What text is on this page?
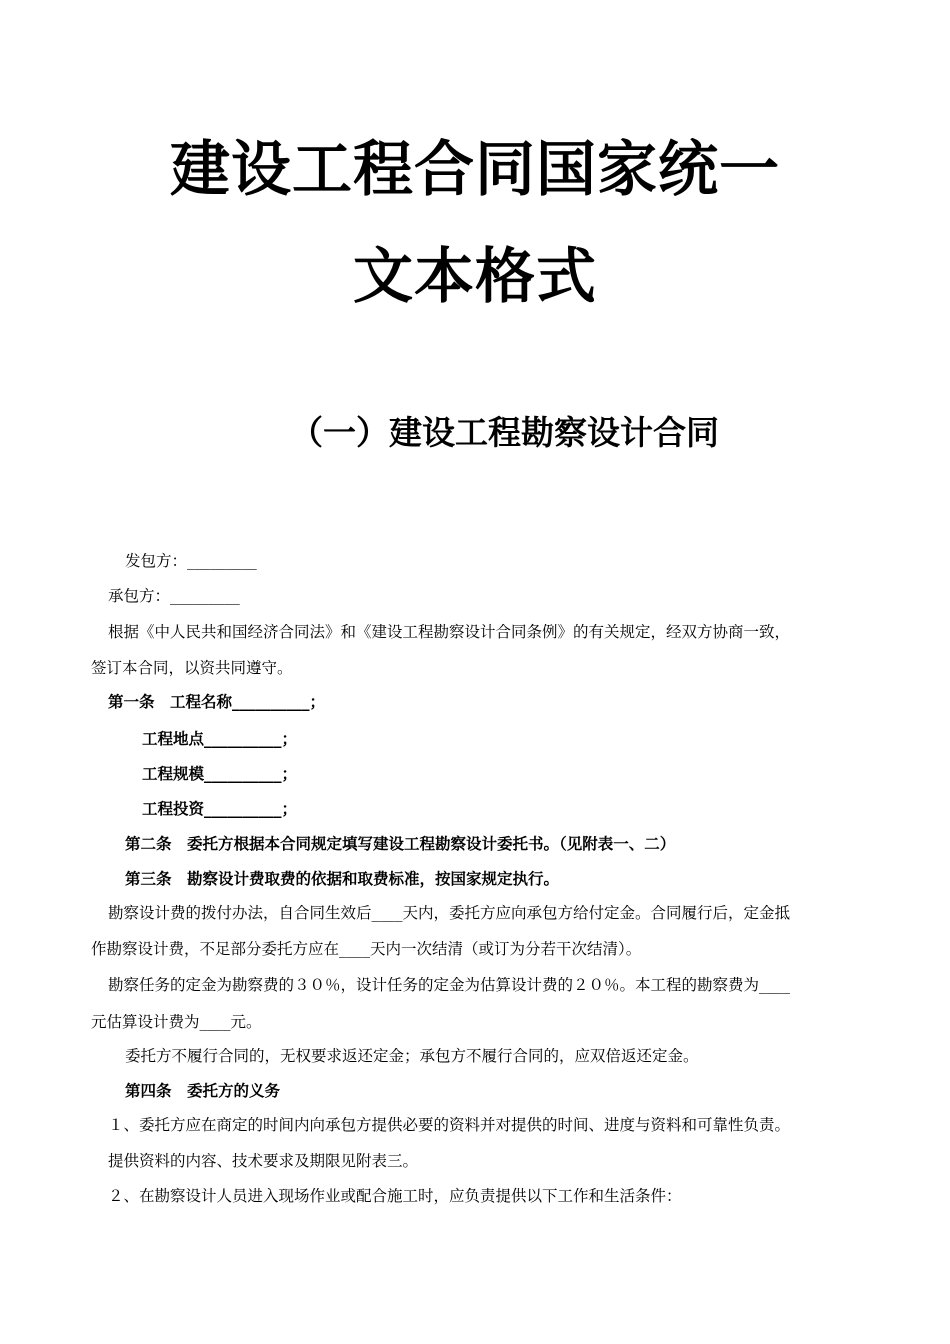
建设工程合同国家统一
文本格式
（一）建设工程勘察设计合同
发包方：_________
承包方：_________
根据《中人民共和国经济合同法》和《建设工程勘察设计合同条例》的有关规定，经双方协商一致，
签订本合同，以资共同遵守。
第一条　工程名称__________；
工程地点__________；
工程规模__________；
工程投资__________；
第二条　委托方根据本合同规定填写建设工程勘察设计委托书。（见附表一、二）
第三条　勘察设计费取费的依据和取费标准，按国家规定执行。
勘察设计费的拨付办法，自合同生效后____天内，委托方应向承包方给付定金。合同履行后，定金抵
作勘察设计费，不足部分委托方应在____天内一次结清（或订为分若干次结清）。
勘察任务的定金为勘察费的３０％，设计任务的定金为估算设计费的２０％。本工程的勘察费为____
元估算设计费为____元。
委托方不履行合同的，无权要求返还定金；承包方不履行合同的，应双倍返还定金。
第四条　委托方的义务
１、委托方应在商定的时间内向承包方提供必要的资料并对提供的时间、进度与资料和可靠性负责。
提供资料的内容、技术要求及期限见附表三。
２、在勘察设计人员进入现场作业或配合施工时，应负责提供以下工作和生活条件：
